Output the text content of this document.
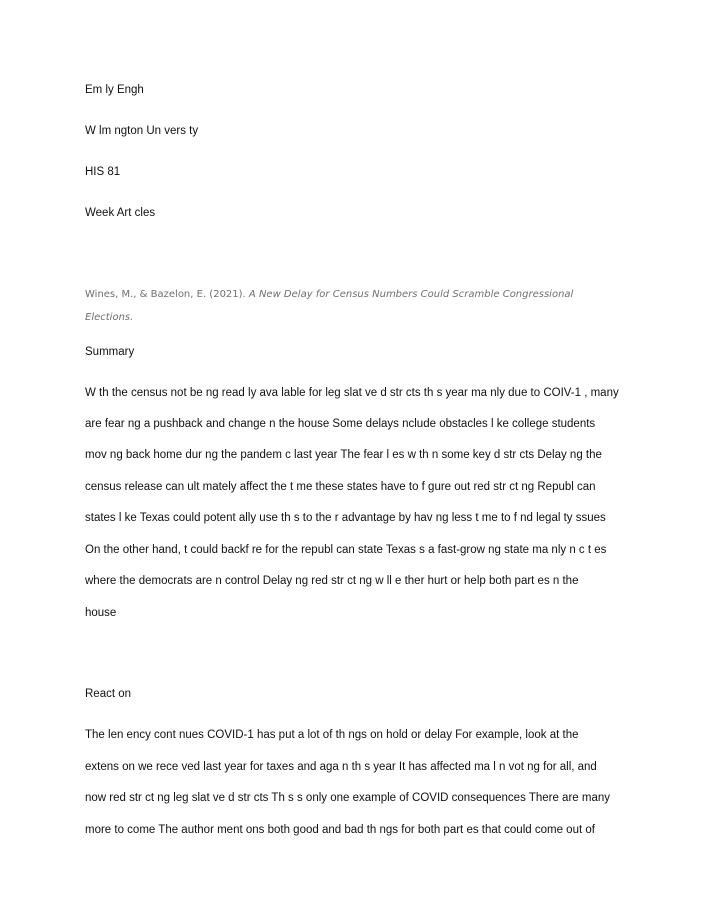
Em ly Engh
W lm ngton Un vers ty
HIS 81
Week Art cles
Wines, M., & Bazelon, E. (2021). A New Delay for Census Numbers Could Scramble Congressional
Elections.
Summary
W th the census not be ng read ly ava lable for leg slat ve d str cts th s year ma nly due to COIV-1 , many
are fear ng a pushback and change n the house Some delays nclude obstacles l ke college students
mov ng back home dur ng the pandem c last year The fear l es w th n some key d str cts Delay ng the
census release can ult mately affect the t me these states have to f gure out red str ct ng Republ can
states l ke Texas could potent ally use th s to the r advantage by hav ng less t me to f nd legal ty ssues
On the other hand, t could backf re for the republ can state Texas s a fast-grow ng state ma nly n c t es
where the democrats are n control Delay ng red str ct ng w ll e ther hurt or help both part es n the
house
React on
The len ency cont nues COVID-1 has put a lot of th ngs on hold or delay For example, look at the
extens on we rece ved last year for taxes and aga n th s year It has affected ma l n vot ng for all, and
now red str ct ng leg slat ve d str cts Th s s only one example of COVID consequences There are many
more to come The author ment ons both good and bad th ngs for both part es that could come out of
